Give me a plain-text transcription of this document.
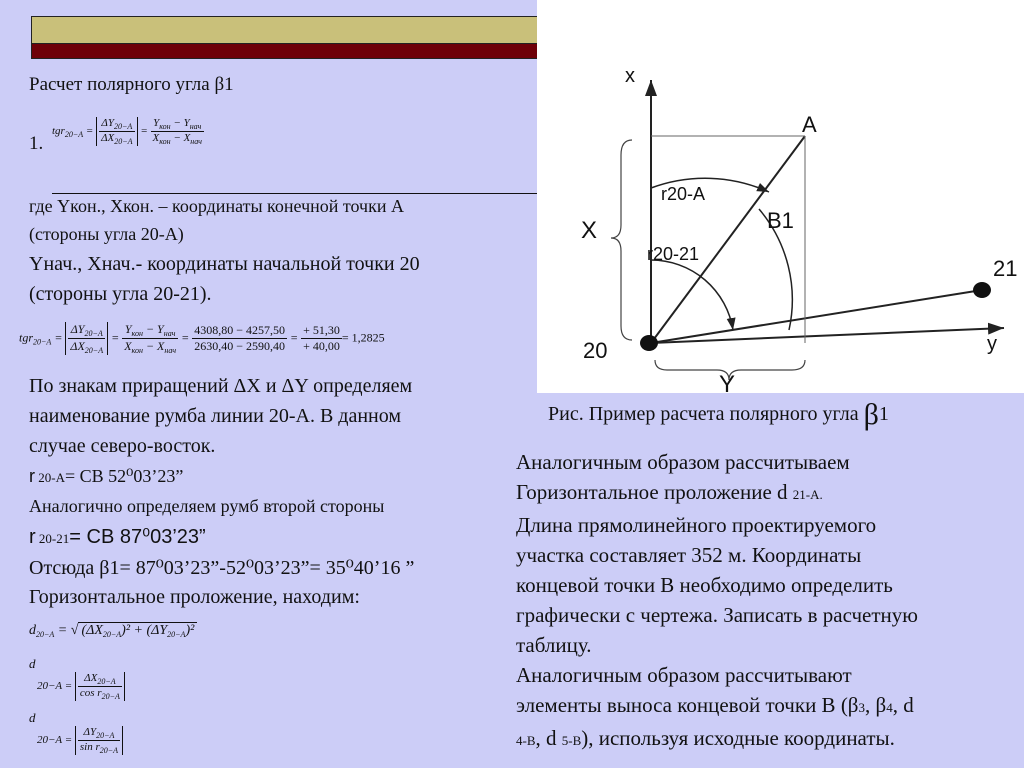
Расчет полярного угла β1
1.
$tgr_{20-A} = \frac{\Delta Y_{20-A}}{\Delta X_{20-A}} = \frac{Y_{кон} - Y_{нач}}{X_{кон} - X_{нач}}$
где Yкон., Xкон. – координаты конечной точки А
(стороны угла 20-А)
Yнач., Xнач.- координаты начальной точки 20
(стороны угла 20-21).
$tgr_{20-A} = \frac{\Delta Y_{20-A}}{\Delta X_{20-A}} = \frac{Y_{кон} - Y_{нач}}{X_{кон} - X_{нач}} = \frac{4308,80 - 4257,50}{2630,40 - 2590,40} = \frac{+ 51,30}{+ 40,00} = 1,2825$
По знакам приращений ΔX и ΔY определяем
наименование румба линии 20-А. В данном
случае северо-восток.
r 20-А= СВ 52⁰03’23”
Аналогично определяем румб второй стороны
r 20-21= СВ 87⁰03’23”
Отсюда β1= 87⁰03’23”-52⁰03’23”= 35⁰40’16 ”
Горизонтальное проложение, находим:
$d_{20-A}$ = √ $(\Delta X_{20-A})^2 + (\Delta Y_{20-A})^2$
d
$20-A = \frac{\Delta X_{20-A}}{\cos r_{20-A}}$
d
$20-A = \frac{\Delta Y_{20-A}}{\sin r_{20-A}}$
x
y
A
20
21
r20-A
r20-21
B1
X
Y
Рис. Пример расчета полярного угла β1
Аналогичным образом рассчитываем
Горизонтальное проложение d 21-А.
Длина прямолинейного проектируемого
участка составляет 352 м. Координаты
концевой точки В необходимо определить
графически с чертежа. Записать в расчетную
таблицу.
Аналогичным образом рассчитывают
элементы выноса концевой точки В (β3, β4, d
4-В, d 5-В), используя исходные координаты.
